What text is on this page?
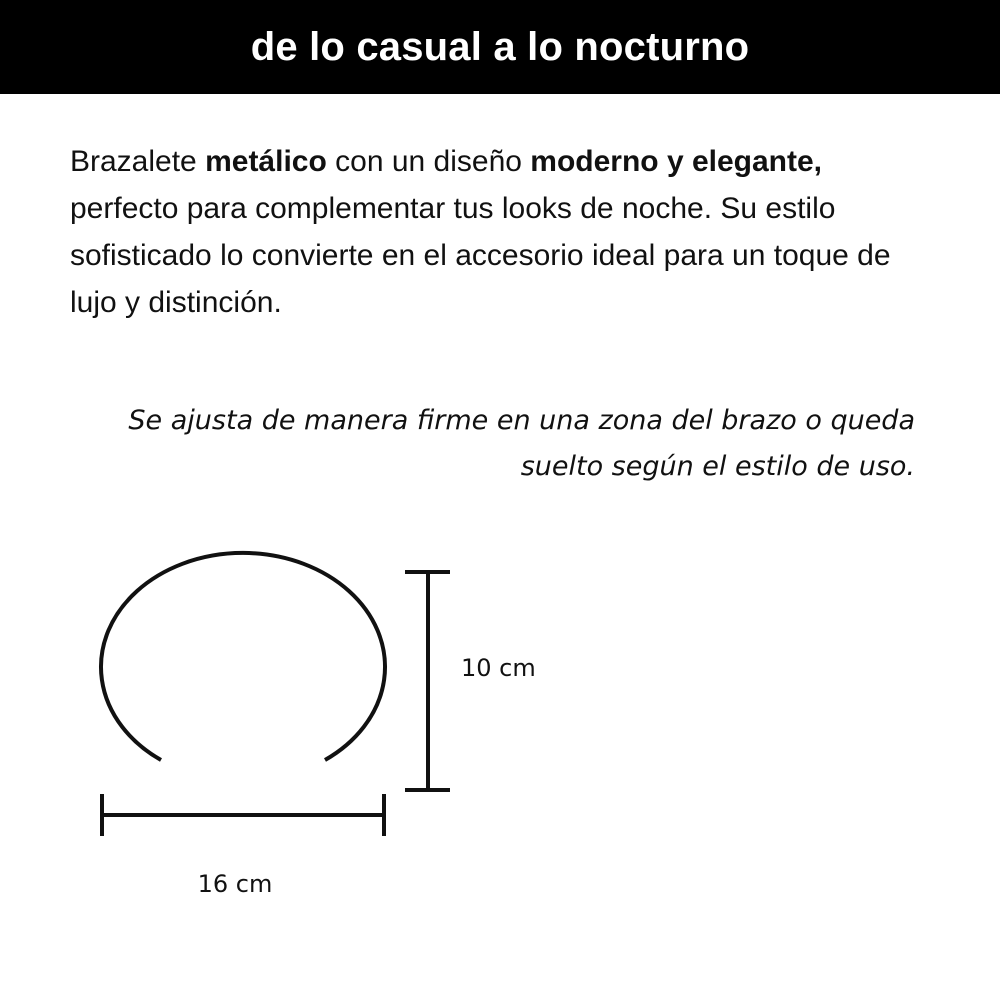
de lo casual a lo nocturno
Brazalete metálico con un diseño moderno y elegante, perfecto para complementar tus looks de noche. Su estilo sofisticado lo convierte en el accesorio ideal para un toque de lujo y distinción.
Se ajusta de manera firme en una zona del brazo o queda
suelto según el estilo de uso.
10 cm
16 cm
